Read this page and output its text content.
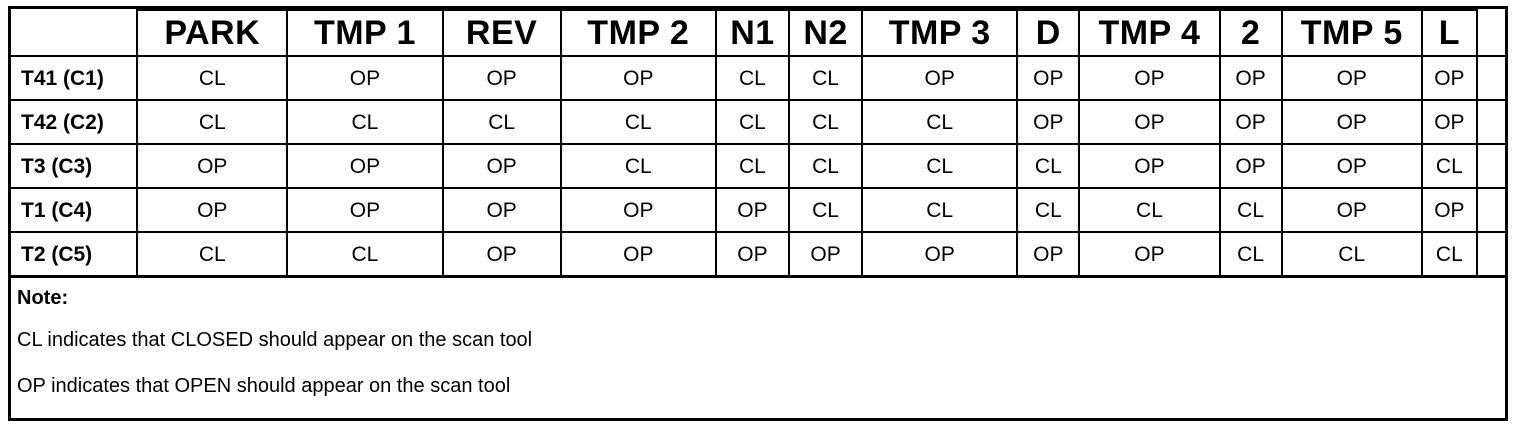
	PARK	TMP 1	REV	TMP 2	N1	N2	TMP 3	D	TMP 4	2	TMP 5	L	
T41 (C1)	CL	OP	OP	OP	CL	CL	OP	OP	OP	OP	OP	OP	
T42 (C2)	CL	CL	CL	CL	CL	CL	CL	OP	OP	OP	OP	OP	
T3 (C3)	OP	OP	OP	CL	CL	CL	CL	CL	OP	OP	OP	CL	
T1 (C4)	OP	OP	OP	OP	OP	CL	CL	CL	CL	CL	OP	OP	
T2 (C5)	CL	CL	OP	OP	OP	OP	OP	OP	OP	CL	CL	CL	
Note:
CL indicates that CLOSED should appear on the scan tool
OP indicates that OPEN should appear on the scan tool
